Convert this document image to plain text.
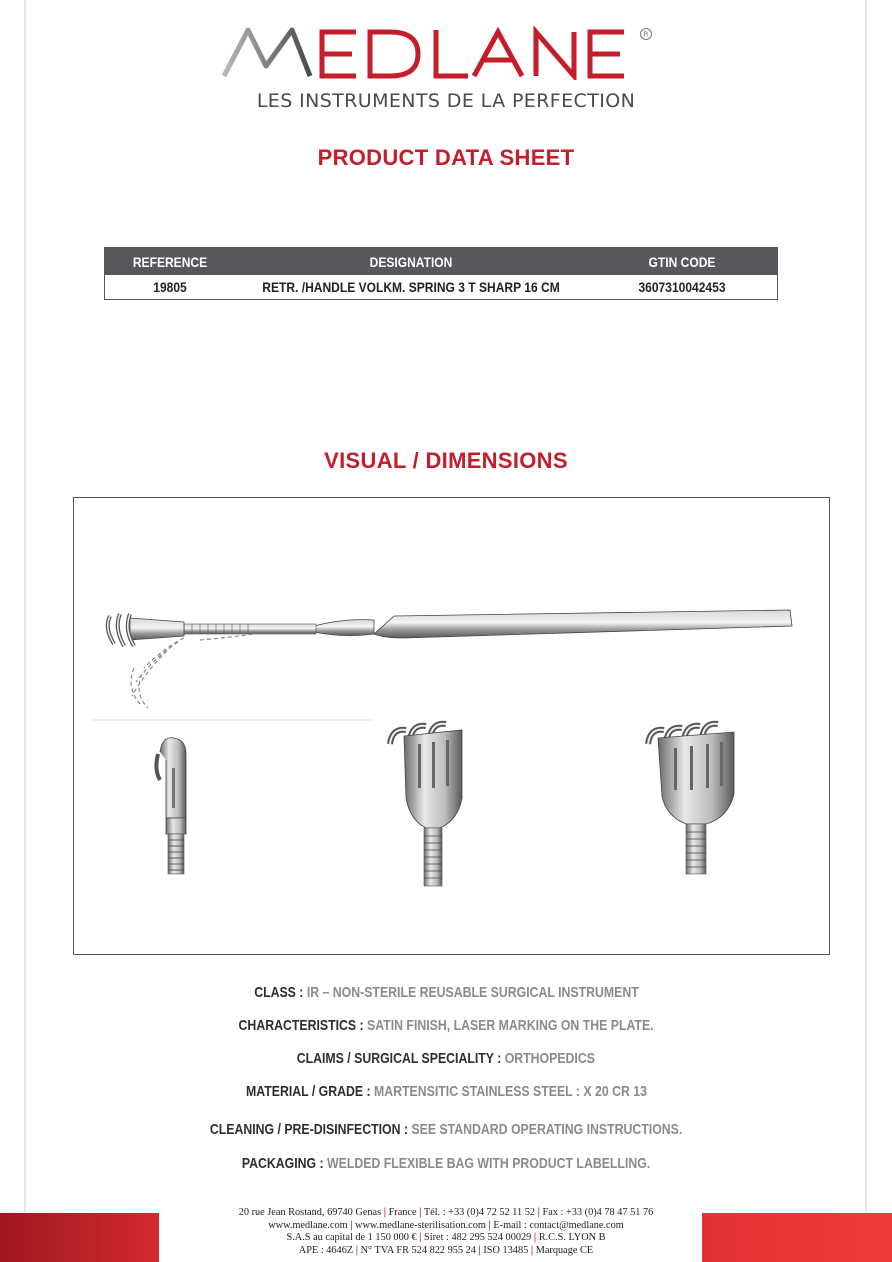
R
LES INSTRUMENTS DE LA PERFECTION
PRODUCT DATA SHEET
REFERENCE	DESIGNATION	GTIN CODE
19805	RETR. /HANDLE VOLKM. SPRING 3 T SHARP 16 CM	3607310042453
VISUAL / DIMENSIONS
CLASS : IR – NON-STERILE REUSABLE SURGICAL INSTRUMENT
CHARACTERISTICS : SATIN FINISH, LASER MARKING ON THE PLATE.
CLAIMS / SURGICAL SPECIALITY : ORTHOPEDICS
MATERIAL / GRADE : MARTENSITIC STAINLESS STEEL : X 20 CR 13
CLEANING / PRE-DISINFECTION : SEE STANDARD OPERATING INSTRUCTIONS.
PACKAGING : WELDED FLEXIBLE BAG WITH PRODUCT LABELLING.
20 rue Jean Rostand, 69740 Genas | France | Tél. : +33 (0)4 72 52 11 52 | Fax : +33 (0)4 78 47 51 76
www.medlane.com | www.medlane-sterilisation.com | E-mail : contact@medlane.com
S.A.S au capital de 1 150 000 € | Siret : 482 295 524 00029 | R.C.S. LYON B
APE : 4646Z | N° TVA FR 524 822 955 24 | ISO 13485 | Marquage CE
